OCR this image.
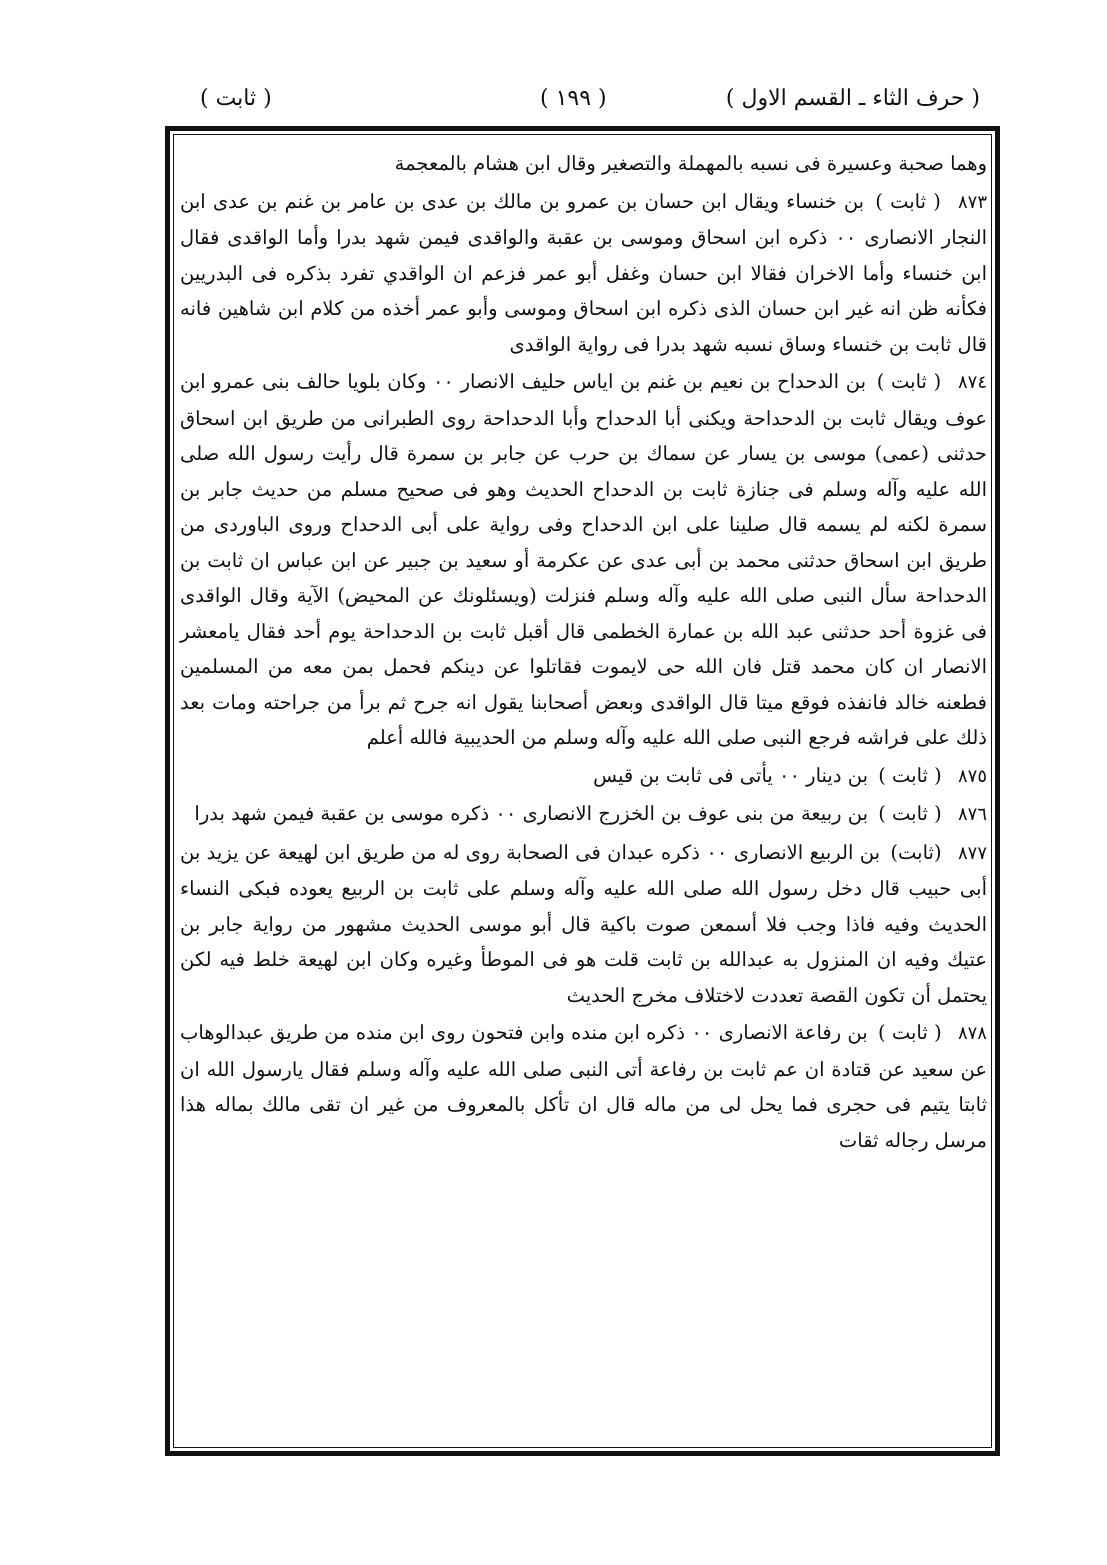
( ثابت )	( ١٩٩ )	( حرف الثاء ـ القسم الاول )

وهما صحبة وعسيرة فى نسبه بالمهملة والتصغير وقال ابن هشام بالمعجمة

٨٧٣ ( ثابت ) بن خنساء ويقال ابن حسان بن عمرو بن مالك بن عدى بن عامر بن غنم بن عدى ابن النجار الانصارى ٠٠ ذكره ابن اسحاق وموسى بن عقبة والواقدى فيمن شهد بدرا وأما الواقدى فقال ابن خنساء وأما الاخران فقالا ابن حسان وغفل أبو عمر فزعم ان الواقدي تفرد بذكره فى البدريين فكأنه ظن انه غير ابن حسان الذى ذكره ابن اسحاق وموسى وأبو عمر أخذه من كلام ابن شاهين فانه قال ثابت بن خنساء وساق نسبه شهد بدرا فى رواية الواقدى

٨٧٤ ( ثابت ) بن الدحداح بن نعيم بن غنم بن اياس حليف الانصار ٠٠ وكان بلويا حالف بنى عمرو ابن عوف ويقال ثابت بن الدحداحة ويكنى أبا الدحداح وأبا الدحداحة روى الطبرانى من طريق ابن اسحاق حدثنى (عمى) موسى بن يسار عن سماك بن حرب عن جابر بن سمرة قال رأيت رسول الله صلى الله عليه وآله وسلم فى جنازة ثابت بن الدحداح الحديث وهو فى صحيح مسلم من حديث جابر بن سمرة لكنه لم يسمه قال صلينا على ابن الدحداح وفى رواية على أبى الدحداح وروى الباوردى من طريق ابن اسحاق حدثنى محمد بن أبى عدى عن عكرمة أو سعيد بن جبير عن ابن عباس ان ثابت بن الدحداحة سأل النبى صلى الله عليه وآله وسلم فنزلت (ويسئلونك عن المحيض) الآية وقال الواقدى فى غزوة أحد حدثنى عبد الله بن عمارة الخطمى قال أقبل ثابت بن الدحداحة يوم أحد فقال يامعشر الانصار ان كان محمد قتل فان الله حى لايموت فقاتلوا عن دينكم فحمل بمن معه من المسلمين فطعنه خالد فانفذه فوقع ميتا قال الواقدى وبعض أصحابنا يقول انه جرح ثم برأ من جراحته ومات بعد ذلك على فراشه فرجع النبى صلى الله عليه وآله وسلم من الحديبية فالله أعلم

٨٧٥ ( ثابت ) بن دينار ٠٠ يأتى فى ثابت بن قيس

٨٧٦ ( ثابت ) بن ربيعة من بنى عوف بن الخزرج الانصارى ٠٠ ذكره موسى بن عقبة فيمن شهد بدرا

٨٧٧ (ثابت) بن الربيع الانصارى ٠٠ ذكره عبدان فى الصحابة روى له من طريق ابن لهيعة عن يزيد بن أبى حبيب قال دخل رسول الله صلى الله عليه وآله وسلم على ثابت بن الربيع يعوده فبكى النساء الحديث وفيه فاذا وجب فلا أسمعن صوت باكية قال أبو موسى الحديث مشهور من رواية جابر بن عتيك وفيه ان المنزول به عبدالله بن ثابت قلت هو فى الموطأ وغيره وكان ابن لهيعة خلط فيه لكن يحتمل أن تكون القصة تعددت لاختلاف مخرج الحديث

٨٧٨ ( ثابت ) بن رفاعة الانصارى ٠٠ ذكره ابن منده وابن فتحون روى ابن منده من طريق عبدالوهاب عن سعيد عن قتادة ان عم ثابت بن رفاعة أتى النبى صلى الله عليه وآله وسلم فقال يارسول الله ان ثابتا يتيم فى حجرى فما يحل لى من ماله قال ان تأكل بالمعروف من غير ان تقى مالك بماله هذا مرسل رجاله ثقات
